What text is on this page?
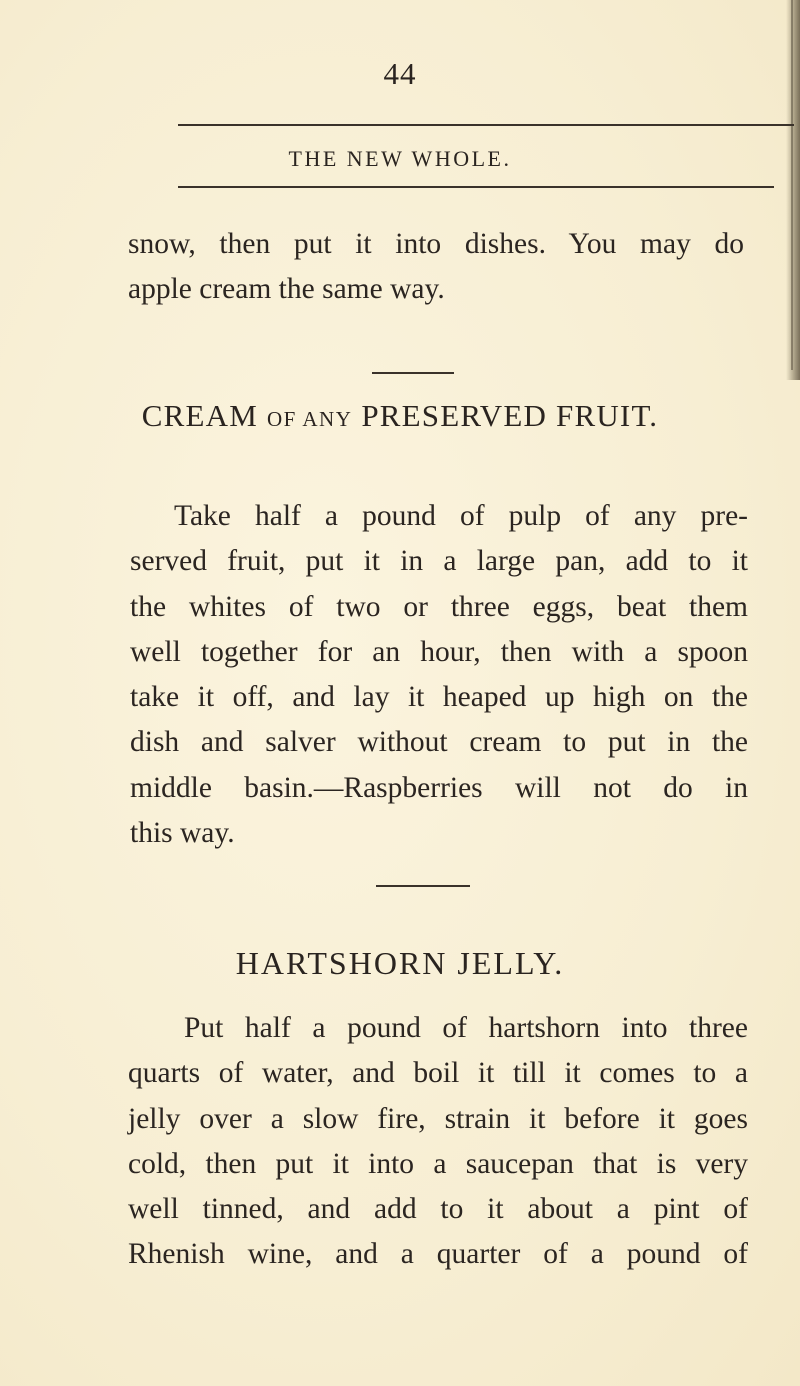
44
THE NEW WHOLE.

snow, then put it into dishes. You may do
apple cream the same way.

CREAM OF ANY PRESERVED FRUIT.

Take half a pound of pulp of any pre-
served fruit, put it in a large pan, add to it
the whites of two or three eggs, beat them
well together for an hour, then with a spoon
take it off, and lay it heaped up high on the
dish and salver without cream to put in the
middle basin.—Raspberries will not do in
this way.

HARTSHORN JELLY.

Put half a pound of hartshorn into three
quarts of water, and boil it till it comes to a
jelly over a slow fire, strain it before it goes
cold, then put it into a saucepan that is very
well tinned, and add to it about a pint of
Rhenish wine, and a quarter of a pound of
